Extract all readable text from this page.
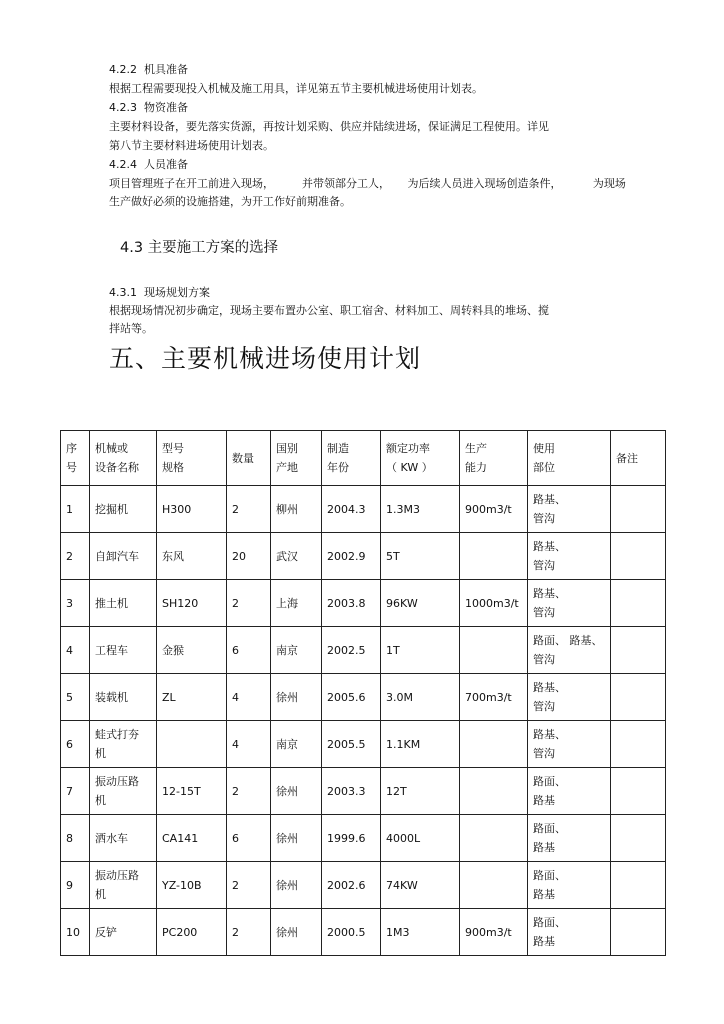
4.2.2  机具准备
根据工程需要现投入机械及施工用具，详见第五节主要机械进场使用计划表。
4.2.3  物资准备
主要材料设备，要先落实货源，再按计划采购、供应并陆续进场，保证满足工程使用。详见
第八节主要材料进场使用计划表。
4.2.4  人员准备
项目管理班子在开工前进入现场，        并带领部分工人，     为后续人员进入现场创造条件，         为现场
生产做好必须的设施搭建，为开工作好前期准备。
4.3 主要施工方案的选择
4.3.1  现场规划方案
根据现场情况初步确定，现场主要布置办公室、职工宿舍、材料加工、周转料具的堆场、搅
拌站等。
五、主要机械进场使用计划
序
号	机械或
设备名称	型号
规格	数量	国别
产地	制造
年份	额定功率
（ KW ）	生产
能力	使用
部位	备注
1	挖掘机	H300	2	柳州	2004.3	1.3M3	900m3/t	路基、
管沟	
2	自卸汽车	东风	20	武汉	2002.9	5T		路基、
管沟	
3	推土机	SH120	2	上海	2003.8	96KW	1000m3/t	路基、
管沟	
4	工程车	金猴	6	南京	2002.5	1T		路面、 路基、
管沟	
5	装载机	ZL	4	徐州	2005.6	3.0M	700m3/t	路基、
管沟	
6	蛙式打夯
机		4	南京	2005.5	1.1KM		路基、
管沟	
7	振动压路
机	12-15T	2	徐州	2003.3	12T		路面、
路基	
8	洒水车	CA141	6	徐州	1999.6	4000L		路面、
路基	
9	振动压路
机	YZ-10B	2	徐州	2002.6	74KW		路面、
路基	
10	反铲	PC200	2	徐州	2000.5	1M3	900m3/t	路面、
路基	
